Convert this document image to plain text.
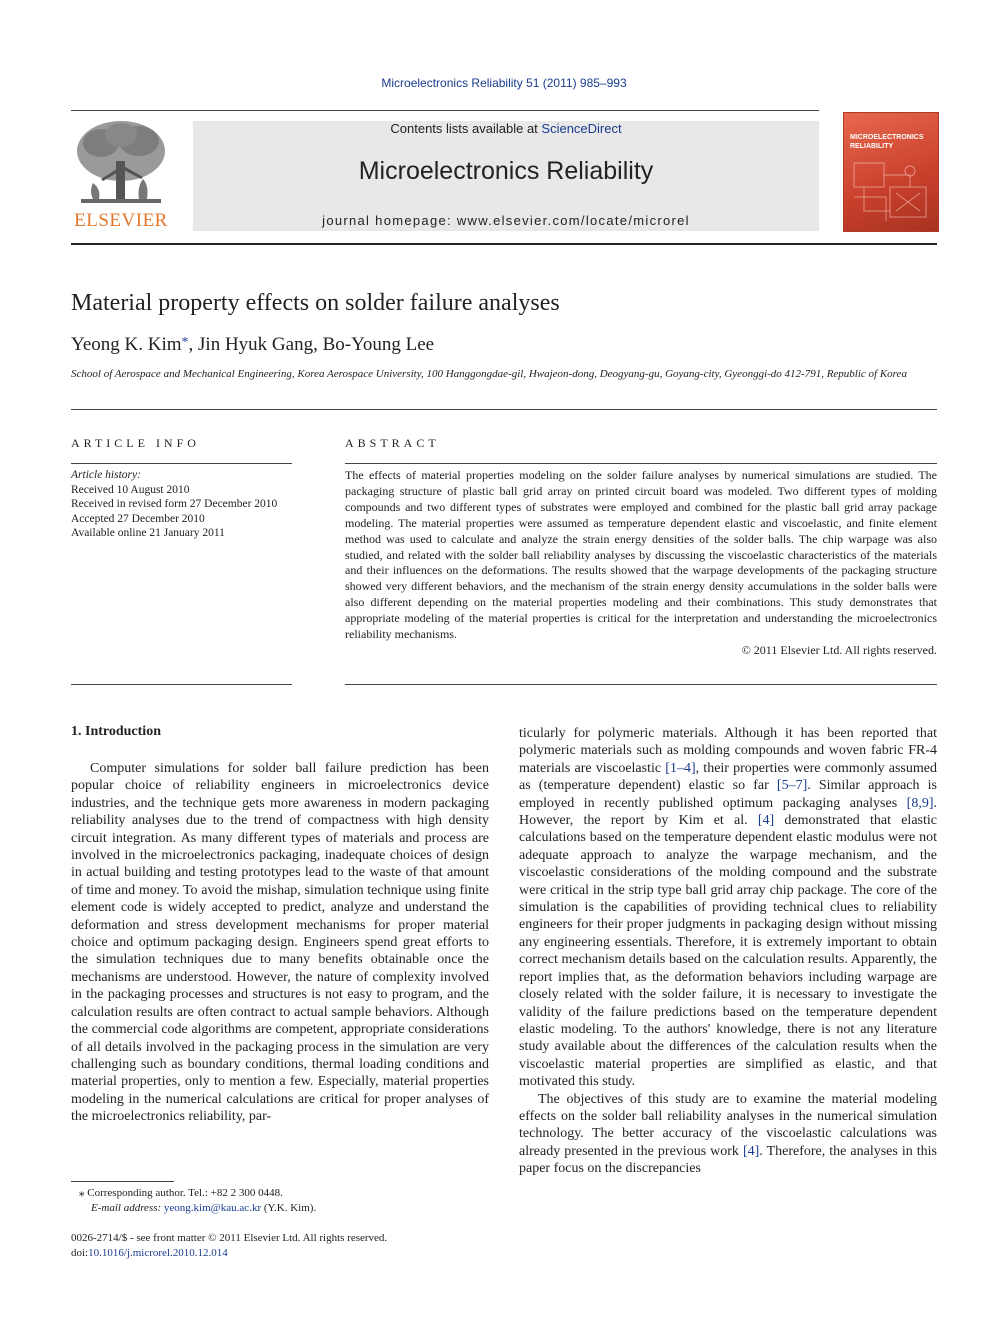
Microelectronics Reliability 51 (2011) 985–993
ELSEVIER
Contents lists available at ScienceDirect
Microelectronics Reliability
journal homepage: www.elsevier.com/locate/microrel
MICROELECTRONICS
RELIABILITY
Material property effects on solder failure analyses
Yeong K. Kim*, Jin Hyuk Gang, Bo-Young Lee
School of Aerospace and Mechanical Engineering, Korea Aerospace University, 100 Hanggongdae-gil, Hwajeon-dong, Deogyang-gu, Goyang-city, Gyeonggi-do 412-791, Republic of Korea
ARTICLE INFO	ABSTRACT
Article history:
Received 10 August 2010
Received in revised form 27 December 2010
Accepted 27 December 2010
Available online 21 January 2011
The effects of material properties modeling on the solder failure analyses by numerical simulations are studied. The packaging structure of plastic ball grid array on printed circuit board was modeled. Two different types of molding compounds and two different types of substrates were employed and combined for the plastic ball grid array package modeling. The material properties were assumed as temperature dependent elastic and viscoelastic, and finite element method was used to calculate and analyze the strain energy densities of the solder balls. The chip warpage was also studied, and related with the solder ball reliability analyses by discussing the viscoelastic characteristics of the materials and their influences on the deformations. The results showed that the warpage developments of the packaging structure showed very different behaviors, and the mechanism of the strain energy density accumulations in the solder balls were also different depending on the material properties modeling and their combinations. This study demonstrates that appropriate modeling of the material properties is critical for the interpretation and understanding the microelectronics reliability mechanisms.
© 2011 Elsevier Ltd. All rights reserved.
1. Introduction

Computer simulations for solder ball failure prediction has been popular choice of reliability engineers in microelectronics device industries, and the technique gets more awareness in modern packaging reliability analyses due to the trend of compactness with high density circuit integration. As many different types of materials and process are involved in the microelectronics packaging, inadequate choices of design in actual building and testing prototypes lead to the waste of that amount of time and money. To avoid the mishap, simulation technique using finite element code is widely accepted to predict, analyze and understand the deformation and stress development mechanisms for proper material choice and optimum packaging design. Engineers spend great efforts to the simulation techniques due to many benefits obtainable once the mechanisms are understood. However, the nature of complexity involved in the packaging processes and structures is not easy to program, and the calculation results are often contract to actual sample behaviors. Although the commercial code algorithms are competent, appropriate considerations of all details involved in the packaging process in the simulation are very challenging such as boundary conditions, thermal loading conditions and material properties, only to mention a few. Especially, material properties modeling in the numerical calculations are critical for proper analyses of the microelectronics reliability, par-

ticularly for polymeric materials. Although it has been reported that polymeric materials such as molding compounds and woven fabric FR-4 materials are viscoelastic [1–4], their properties were commonly assumed as (temperature dependent) elastic so far [5–7]. Similar approach is employed in recently published optimum packaging analyses [8,9]. However, the report by Kim et al. [4] demonstrated that elastic calculations based on the temperature dependent elastic modulus were not adequate approach to analyze the warpage mechanism, and the viscoelastic considerations of the molding compound and the substrate were critical in the strip type ball grid array chip package. The core of the simulation is the capabilities of providing technical clues to reliability engineers for their proper judgments in packaging design without missing any engineering essentials. Therefore, it is extremely important to obtain correct mechanism details based on the calculation results. Apparently, the report implies that, as the deformation behaviors including warpage are closely related with the solder failure, it is necessary to investigate the validity of the failure predictions based on the temperature dependent elastic modeling. To the authors' knowledge, there is not any literature study available about the differences of the calculation results when the viscoelastic material properties are simplified as elastic, and that motivated this study.

The objectives of this study are to examine the material modeling effects on the solder ball reliability analyses in the numerical simulation technology. The better accuracy of the viscoelastic calculations was already presented in the previous work [4]. Therefore, the analyses in this paper focus on the discrepancies

⁎ Corresponding author. Tel.: +82 2 300 0448.
E-mail address: yeong.kim@kau.ac.kr (Y.K. Kim).
0026-2714/$ - see front matter © 2011 Elsevier Ltd. All rights reserved.
doi:10.1016/j.microrel.2010.12.014
